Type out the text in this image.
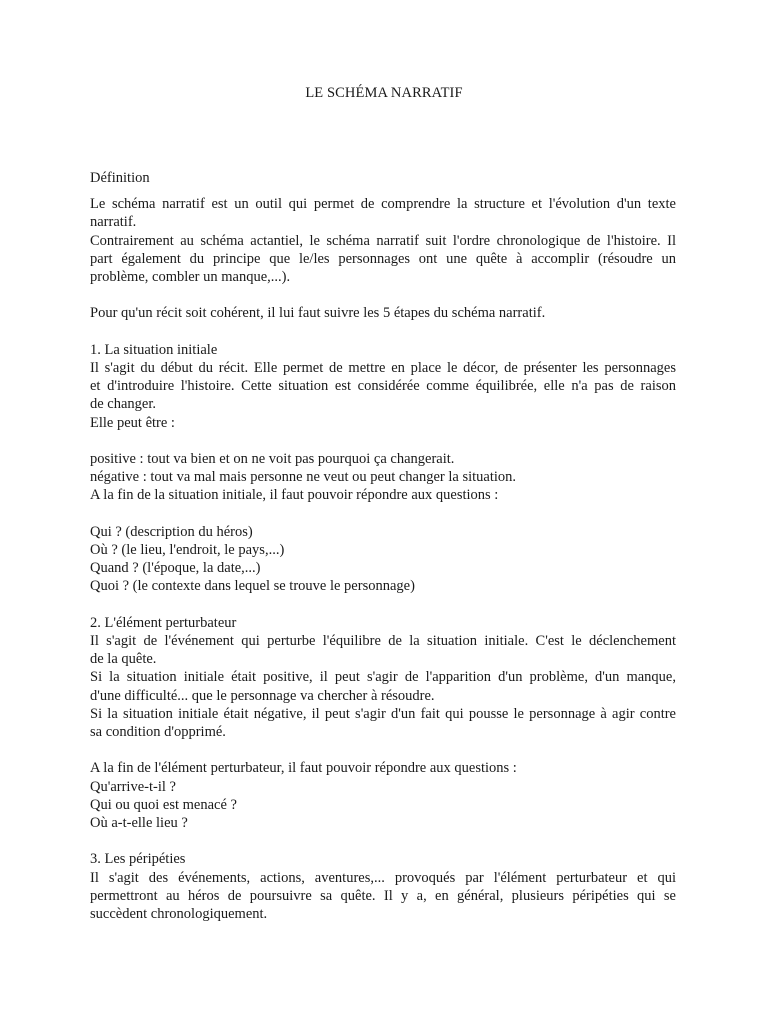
LE SCHÉMA NARRATIF
Définition
Le schéma narratif est un outil qui permet de comprendre la structure et l'évolution d'un texte
narratif.
Contrairement au schéma actantiel, le schéma narratif suit l'ordre chronologique de l'histoire. Il
part également du principe que le/les personnages ont une quête à accomplir (résoudre un
problème, combler un manque,...).
Pour qu'un récit soit cohérent, il lui faut suivre les 5 étapes du schéma narratif.
1. La situation initiale
Il s'agit du début du récit. Elle permet de mettre en place le décor, de présenter les personnages
et d'introduire l'histoire. Cette situation est considérée comme équilibrée, elle n'a pas de raison
de changer.
Elle peut être :
positive : tout va bien et on ne voit pas pourquoi ça changerait.
négative : tout va mal mais personne ne veut ou peut changer la situation.
A la fin de la situation initiale, il faut pouvoir répondre aux questions :
Qui ? (description du héros)
Où ? (le lieu, l'endroit, le pays,...)
Quand ? (l'époque, la date,...)
Quoi ? (le contexte dans lequel se trouve le personnage)
2. L'élément perturbateur
Il s'agit de l'événement qui perturbe l'équilibre de la situation initiale. C'est le déclenchement
de la quête.
Si la situation initiale était positive, il peut s'agir de l'apparition d'un problème, d'un manque,
d'une difficulté... que le personnage va chercher à résoudre.
Si la situation initiale était négative, il peut s'agir d'un fait qui pousse le personnage à agir contre
sa condition d'opprimé.
A la fin de l'élément perturbateur, il faut pouvoir répondre aux questions :
Qu'arrive-t-il ?
Qui ou quoi est menacé ?
Où a-t-elle lieu ?
3. Les péripéties
Il s'agit des événements, actions, aventures,... provoqués par l'élément perturbateur et qui
permettront au héros de poursuivre sa quête. Il y a, en général, plusieurs péripéties qui se
succèdent chronologiquement.
